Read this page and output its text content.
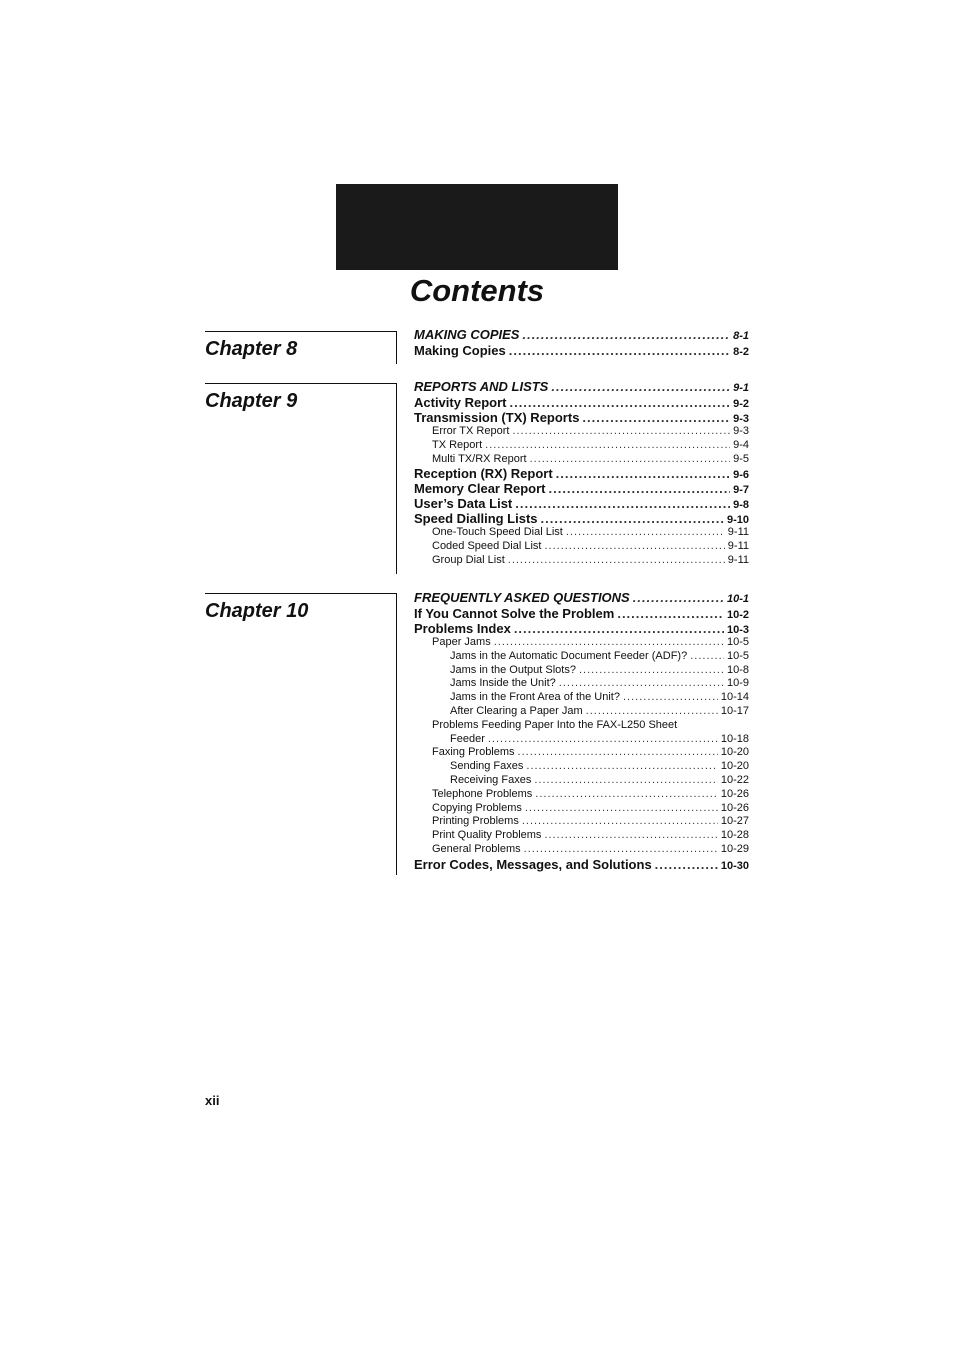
Contents
Chapter 8
MAKING COPIES .....	8-1
Making Copies .....	8-2
Chapter 9
REPORTS AND LISTS .....	9-1
Activity Report .....	9-2
Transmission (TX) Reports .....	9-3
Error TX Report .....	9-3
TX Report .....	9-4
Multi TX/RX Report .....	9-5
Reception (RX) Report .....	9-6
Memory Clear Report .....	9-7
User’s Data List .....	9-8
Speed Dialling Lists .....	9-10
One-Touch Speed Dial List .....	9-11
Coded Speed Dial List .....	9-11
Group Dial List .....	9-11
Chapter 10
FREQUENTLY ASKED QUESTIONS .....	10-1
If You Cannot Solve the Problem .....	10-2
Problems Index .....	10-3
Paper Jams .....	10-5
Jams in the Automatic Document Feeder (ADF)? .....	10-5
Jams in the Output Slots? .....	10-8
Jams Inside the Unit? .....	10-9
Jams in the Front Area of the Unit? .....	10-14
After Clearing a Paper Jam .....	10-17
Problems Feeding Paper Into the FAX-L250 Sheet
Feeder .....	10-18
Faxing Problems .....	10-20
Sending Faxes .....	10-20
Receiving Faxes .....	10-22
Telephone Problems .....	10-26
Copying Problems .....	10-26
Printing Problems .....	10-27
Print Quality Problems .....	10-28
General Problems .....	10-29
Error Codes, Messages, and Solutions .....	10-30
xii
